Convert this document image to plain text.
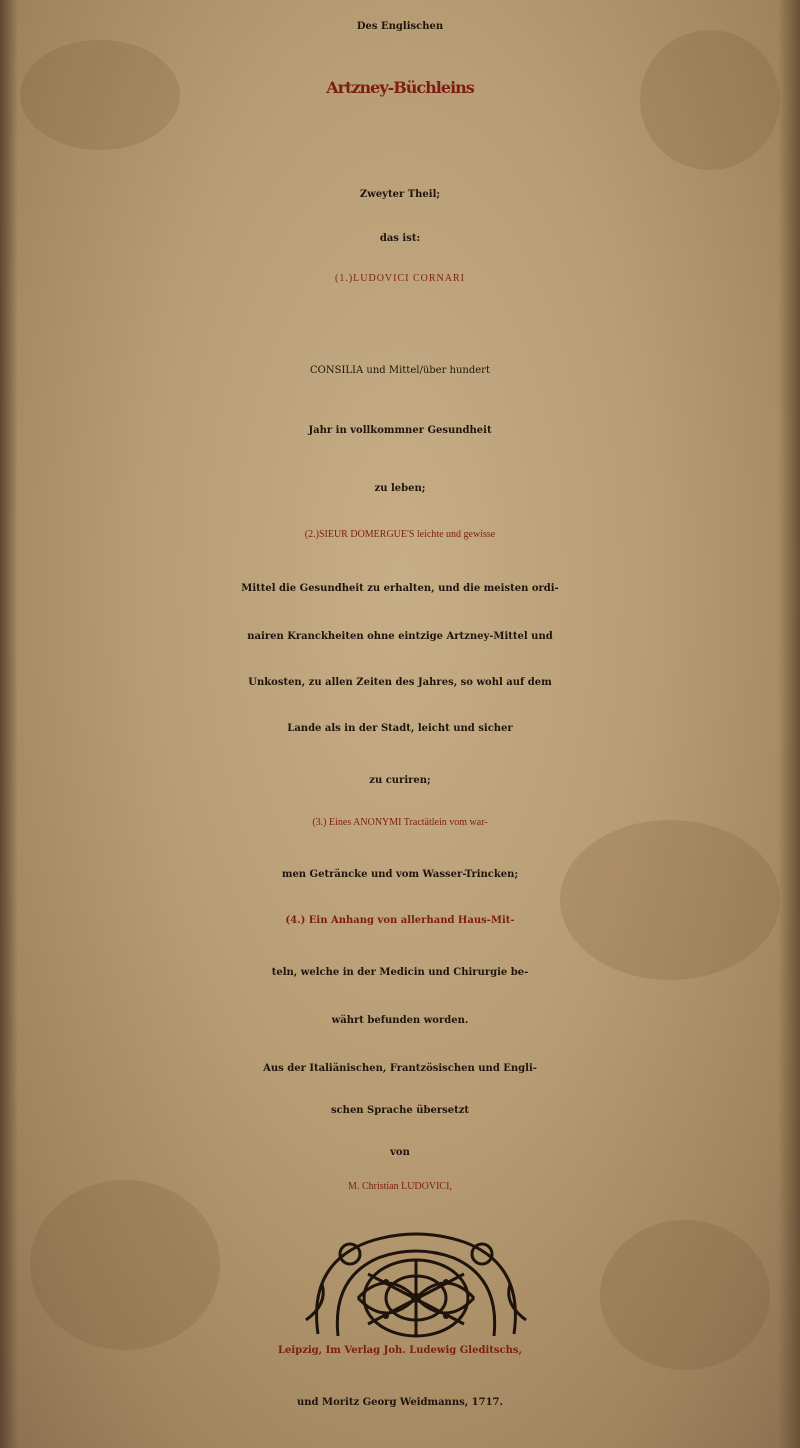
Des Englischen
Artzney-Büchleins
Zweyter Theil;
das ist:
(1.)LUDOVICI CORNARI
CONSILIA und Mittel/über hundert
Jahr in vollkommner Gesundheit
zu leben;
(2.)SIEUR DOMERGUE'S leichte und gewisse
Mittel die Gesundheit zu erhalten, und die meisten ordi-
nairen Kranckheiten ohne eintzige Artzney-Mittel und
Unkosten, zu allen Zeiten des Jahres, so wohl auf dem
Lande als in der Stadt, leicht und sicher
zu curiren;
(3.) Eines ANONYMI Tractätlein vom war-
men Geträncke und vom Wasser-Trincken;
(4.) Ein Anhang von allerhand Haus-Mit-
teln, welche in der Medicin und Chirurgie be-
währt befunden worden.
Aus der Italiänischen, Frantzösischen und Engli-
schen Sprache übersetzt
von
M. Christian LUDOVICI,
Leipzig, Im Verlag Joh. Ludewig Gleditschs,
und Moritz Georg Weidmanns, 1717.
